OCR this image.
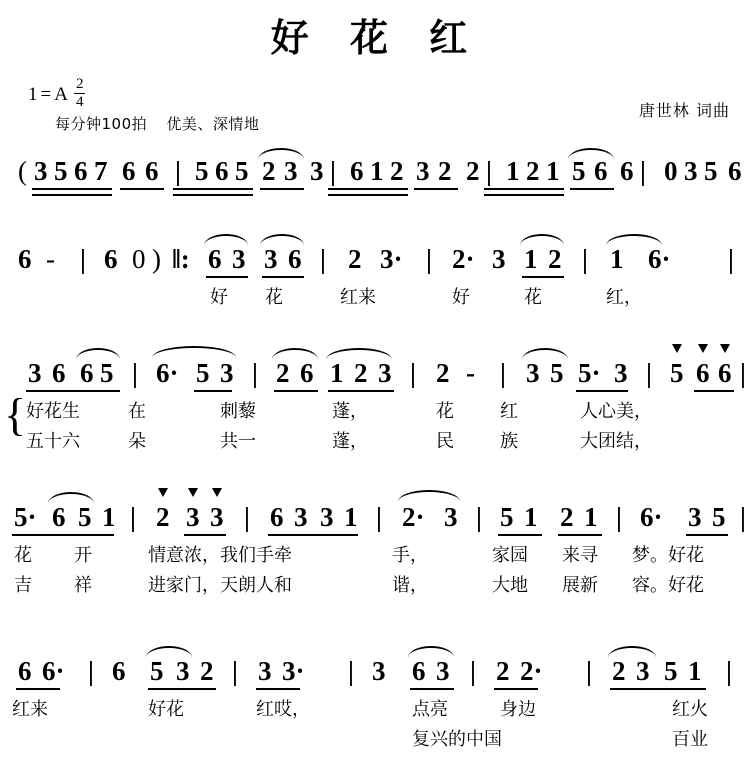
好 花 红
1 = A $\frac{2}{4}$
每分钟100拍 优美、深情地
唐世林 词曲
( 3 5 6 7 6 6 | 5 6 5 2 3 3 | 6 1 2 3 2 2 | 1 2 1 5 6 6 | 0 3 5 6
6 - | 6 0 ) ‖: 6 3 3 6 | 2 3· | 2· 3 1 2 | 1 6· |
好 花	红来	好	花	红，
3 6 6 5 | 6· 5 3 | 2 6 1 2 3 | 2 - | 3 5 5· 3 | 5 6 6 |
{ 好花生	在	刺藜	蓬，	花	红	人心美，
五十六	朵	共一	蓬，	民	族	大团结，
5· 6 5 1 | 2 3 3 | 6 3 3 1 | 2· 3 | 5 1 2 1 | 6· 3 5 |
花 开	情意浓，我们手牵	手，	家园 来寻 梦。好花
吉 祥	进家门，天朗人和	谐，	大地 展新 容。好花
6 6· | 6 5 3 2 | 3 3· | 3 6 3 | 2 2· | 2 3 5 1 |
红来	好花	红哎，	点亮	身边	红火
复兴的中国	百业
